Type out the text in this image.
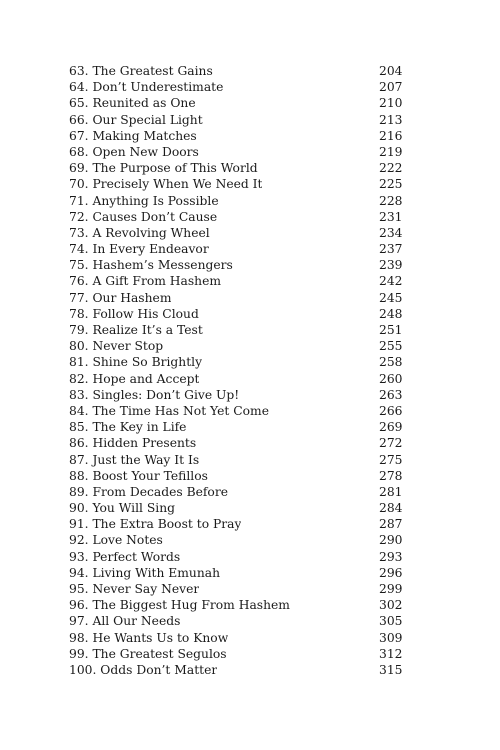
63. The Greatest Gains	204
64. Don’t Underestimate	207
65. Reunited as One	210
66. Our Special Light	213
67. Making Matches	216
68. Open New Doors	219
69. The Purpose of This World	222
70. Precisely When We Need It	225
71. Anything Is Possible	228
72. Causes Don’t Cause	231
73. A Revolving Wheel	234
74. In Every Endeavor	237
75. Hashem’s Messengers	239
76. A Gift From Hashem	242
77. Our Hashem	245
78. Follow His Cloud	248
79. Realize It’s a Test	251
80. Never Stop	255
81. Shine So Brightly	258
82. Hope and Accept	260
83. Singles: Don’t Give Up!	263
84. The Time Has Not Yet Come	266
85. The Key in Life	269
86. Hidden Presents	272
87. Just the Way It Is	275
88. Boost Your Tefillos	278
89. From Decades Before	281
90. You Will Sing	284
91. The Extra Boost to Pray	287
92. Love Notes	290
93. Perfect Words	293
94. Living With Emunah	296
95. Never Say Never	299
96. The Biggest Hug From Hashem	302
97. All Our Needs	305
98. He Wants Us to Know	309
99. The Greatest Segulos	312
100. Odds Don’t Matter	315
